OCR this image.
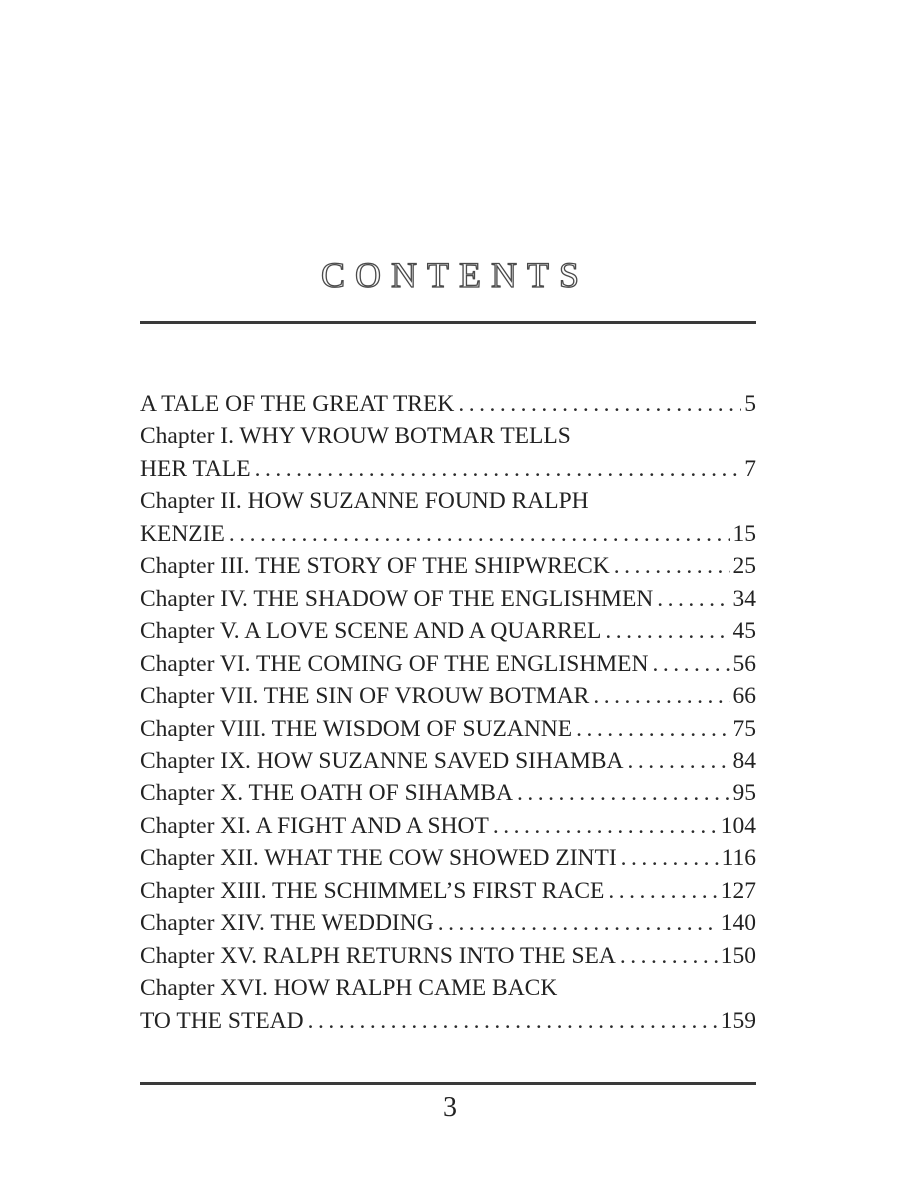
CONTENTS
A TALE OF THE GREAT TREK .....	5
Chapter I. WHY VROUW BOTMAR TELLS
HER TALE .....	7
Chapter II. HOW SUZANNE FOUND RALPH
KENZIE .....	15
Chapter III. THE STORY OF THE SHIPWRECK .....	25
Chapter IV. THE SHADOW OF THE ENGLISHMEN .....	34
Chapter V. A LOVE SCENE AND A QUARREL .....	45
Chapter VI. THE COMING OF THE ENGLISHMEN .....	56
Chapter VII. THE SIN OF VROUW BOTMAR .....	66
Chapter VIII. THE WISDOM OF SUZANNE .....	75
Chapter IX. HOW SUZANNE SAVED SIHAMBA .....	84
Chapter X. THE OATH OF SIHAMBA .....	95
Chapter XI. A FIGHT AND A SHOT .....	104
Chapter XII. WHAT THE COW SHOWED ZINTI .....	116
Chapter XIII. THE SCHIMMEL’S FIRST RACE .....	127
Chapter XIV. THE WEDDING .....	140
Chapter XV. RALPH RETURNS INTO THE SEA .....	150
Chapter XVI. HOW RALPH CAME BACK
TO THE STEAD .....	159
3
